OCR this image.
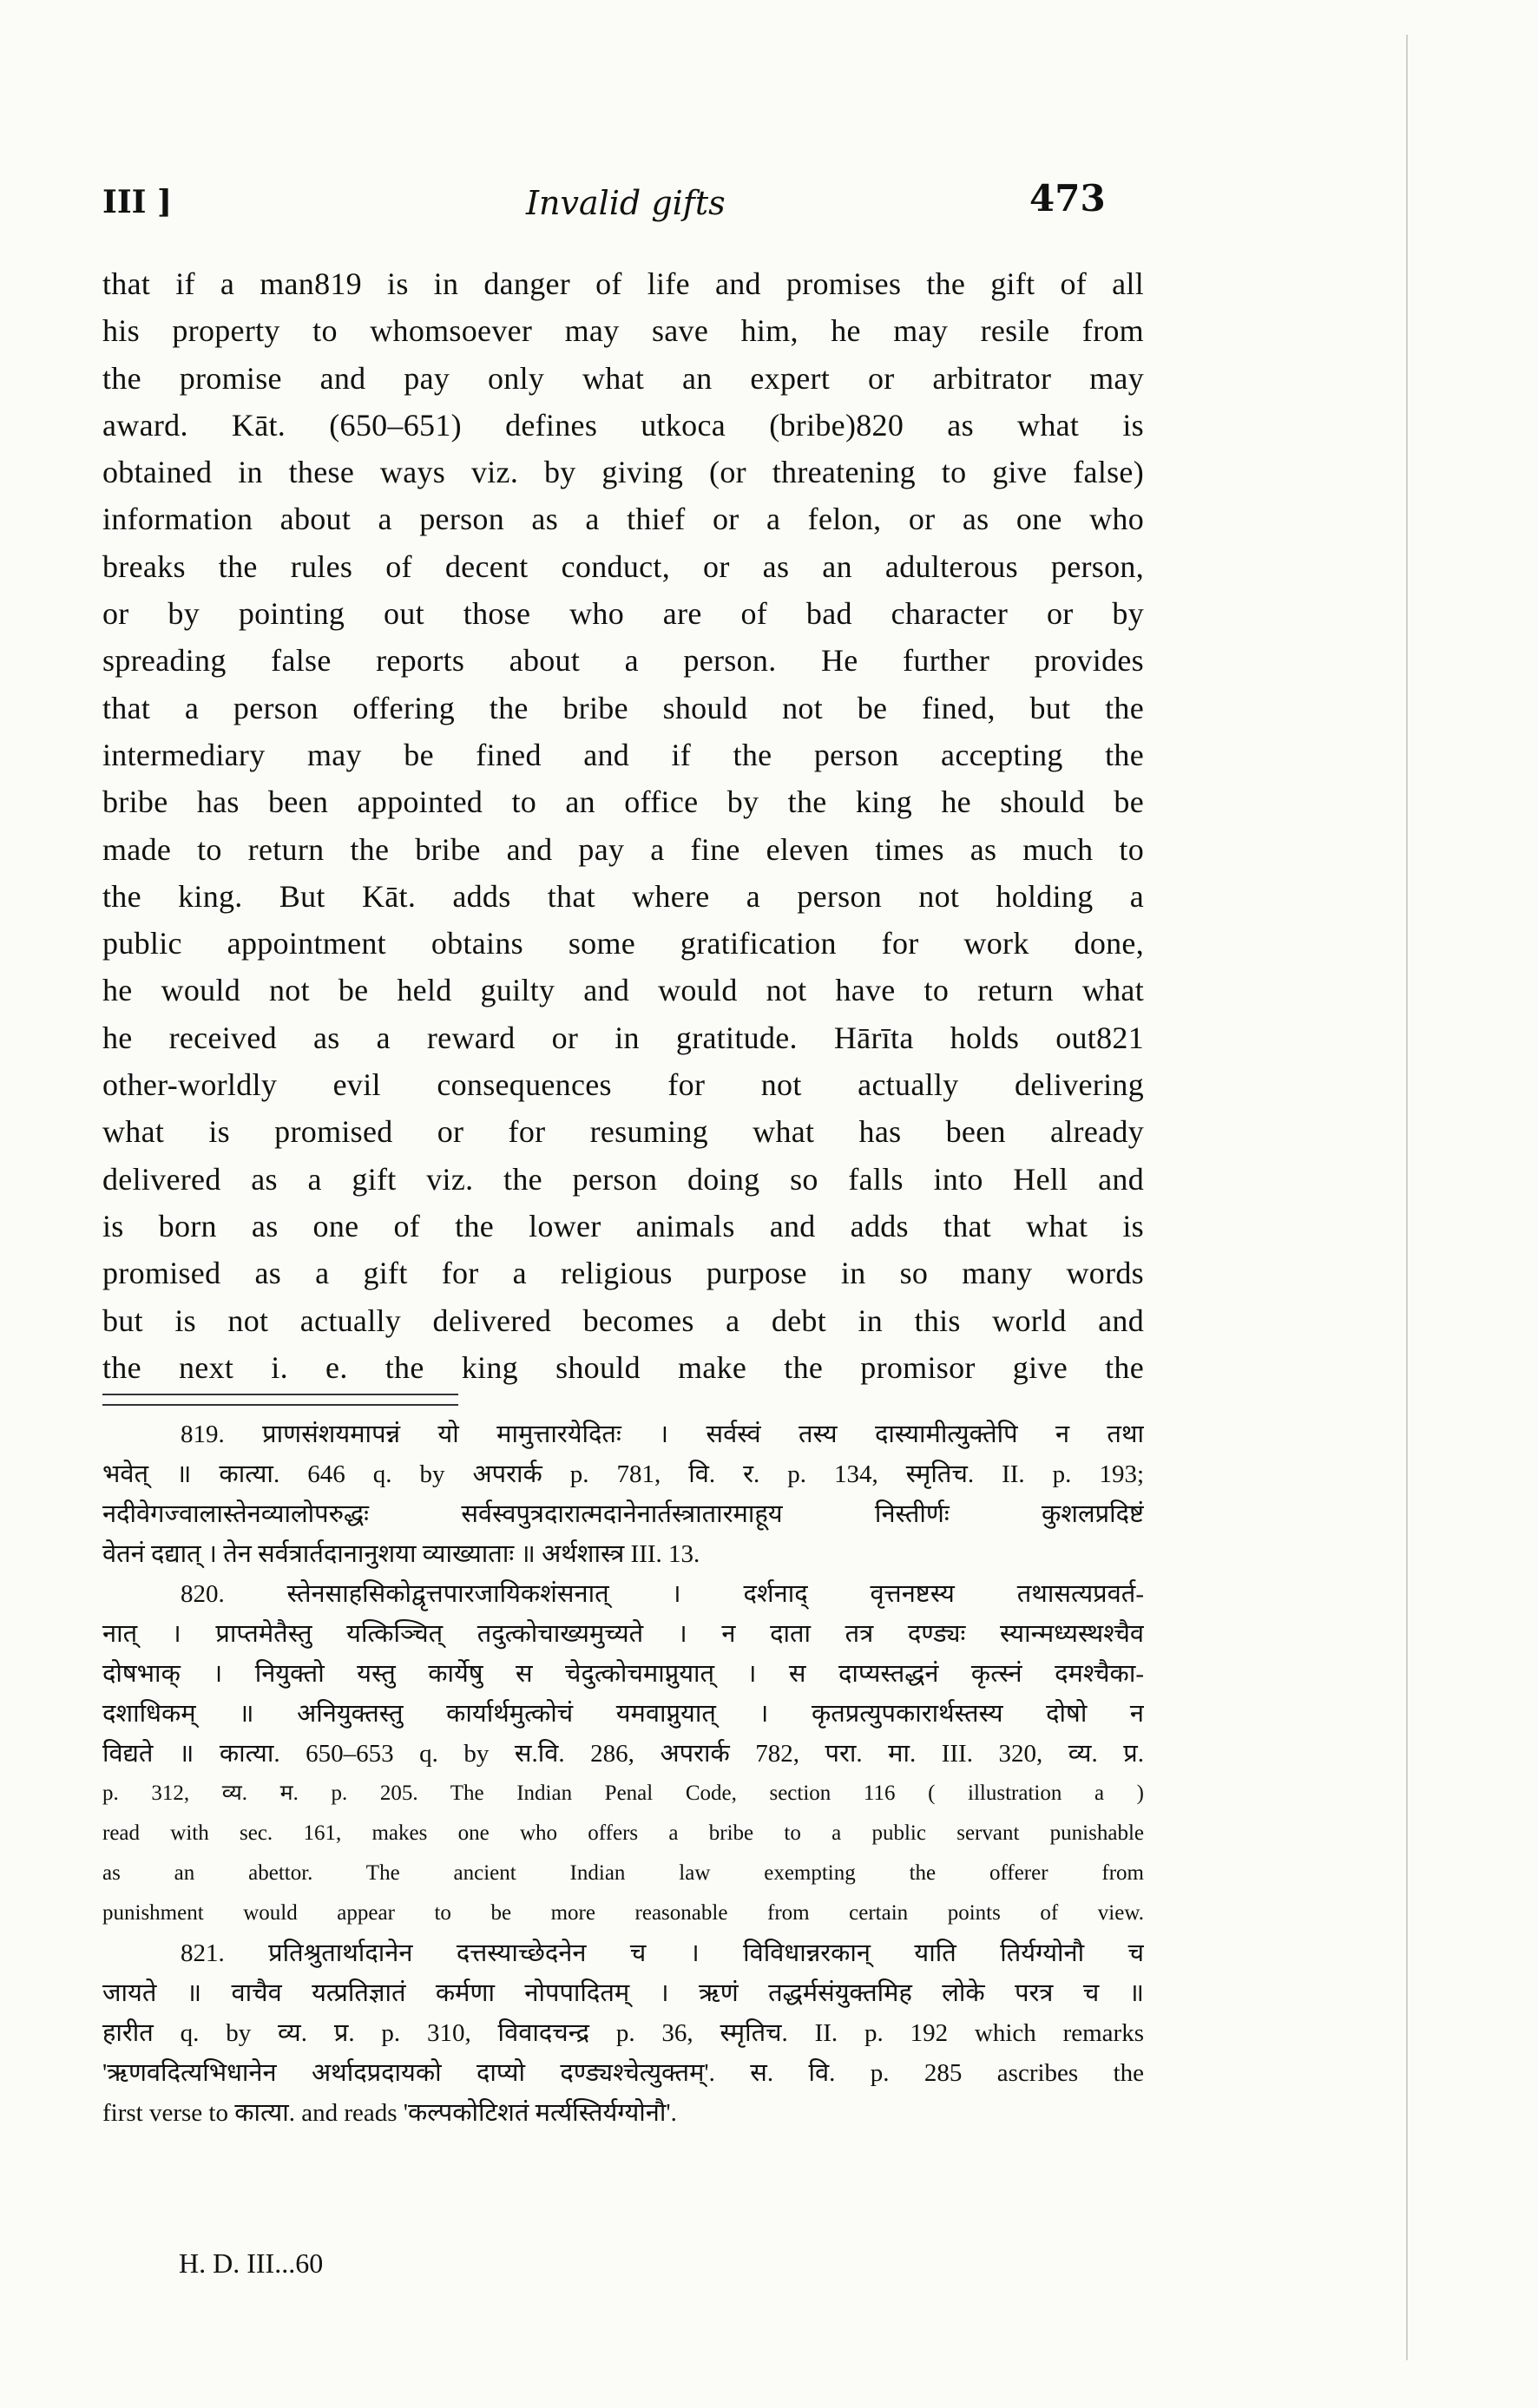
III ]	Invalid gifts	473
that if a man819 is in danger of life and promises the gift of all
his property to whomsoever may save him, he may resile from
the promise and pay only what an expert or arbitrator may
award. Kāt. (650–651) defines utkoca (bribe)820 as what is
obtained in these ways viz. by giving (or threatening to give false)
information about a person as a thief or a felon, or as one who
breaks the rules of decent conduct, or as an adulterous person,
or by pointing out those who are of bad character or by
spreading false reports about a person. He further provides
that a person offering the bribe should not be fined, but the
intermediary may be fined and if the person accepting the
bribe has been appointed to an office by the king he should be
made to return the bribe and pay a fine eleven times as much to
the king. But Kāt. adds that where a person not holding a
public appointment obtains some gratification for work done,
he would not be held guilty and would not have to return what
he received as a reward or in gratitude. Hārīta holds out821
other-worldly evil consequences for not actually delivering
what is promised or for resuming what has been already
delivered as a gift viz. the person doing so falls into Hell and
is born as one of the lower animals and adds that what is
promised as a gift for a religious purpose in so many words
but is not actually delivered becomes a debt in this world and
the next i. e. the king should make the promisor give the
819. प्राणसंशयमापन्नं यो मामुत्तारयेदितः । सर्वस्वं तस्य दास्यामीत्युक्तेपि न तथा
भवेत् ॥ कात्या. 646 q. by अपरार्क p. 781, वि. र. p. 134, स्मृतिच. II. p. 193;
नदीवेगज्वालास्तेनव्यालोपरुद्धः सर्वस्वपुत्रदारात्मदानेनार्तस्त्रातारमाहूय निस्तीर्णः कुशलप्रदिष्टं
वेतनं दद्यात् । तेन सर्वत्रार्तदानानुशया व्याख्याताः ॥ अर्थशास्त्र III. 13.
820. स्तेनसाहसिकोद्वृत्तपारजायिकशंसनात् । दर्शनाद् वृत्तनष्टस्य तथासत्यप्रवर्त-
नात् । प्राप्तमेतैस्तु यत्किञ्चित् तदुत्कोचाख्यमुच्यते । न दाता तत्र दण्ड्यः स्यान्मध्यस्थश्चैव
दोषभाक् । नियुक्तो यस्तु कार्येषु स चेदुत्कोचमाप्नुयात् । स दाप्यस्तद्धनं कृत्स्नं दमश्चैका-
दशाधिकम् ॥ अनियुक्तस्तु कार्यार्थमुत्कोचं यमवाप्नुयात् । कृतप्रत्युपकारार्थस्तस्य दोषो न
विद्यते ॥ कात्या. 650–653 q. by स.वि. 286, अपरार्क 782, परा. मा. III. 320, व्य. प्र.
p. 312, व्य. म. p. 205. The Indian Penal Code, section 116 ( illustration a )
read with sec. 161, makes one who offers a bribe to a public servant punishable
as an abettor. The ancient Indian law exempting the offerer from
punishment would appear to be more reasonable from certain points of view.
821. प्रतिश्रुतार्थादानेन दत्तस्याच्छेदनेन च । विविधान्नरकान् याति तिर्यग्योनौ च
जायते ॥ वाचैव यत्प्रतिज्ञातं कर्मणा नोपपादितम् । ऋणं तद्धर्मसंयुक्तमिह लोके परत्र च ॥
हारीत q. by व्य. प्र. p. 310, विवादचन्द्र p. 36, स्मृतिच. II. p. 192 which remarks
'ऋणवदित्यभिधानेन अर्थादप्रदायको दाप्यो दण्ड्यश्चेत्युक्तम्'. स. वि. p. 285 ascribes the
first verse to कात्या. and reads 'कल्पकोटिशतं मर्त्यस्तिर्यग्योनौ'.
H. D. III...60
